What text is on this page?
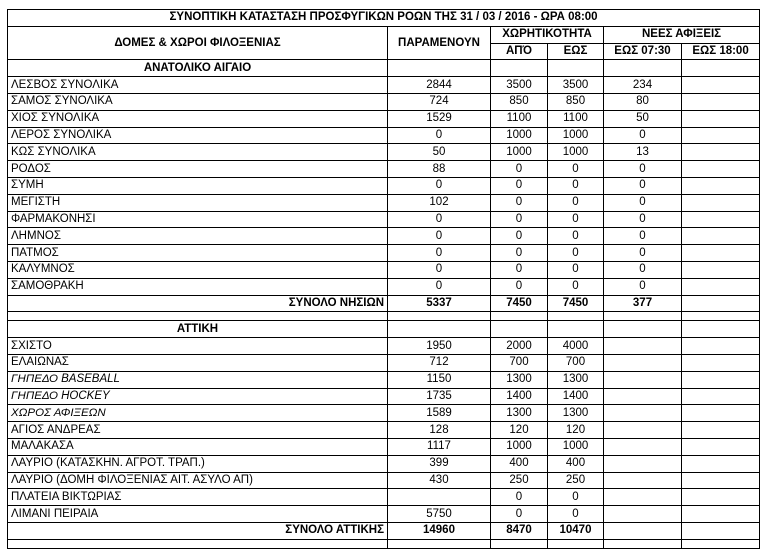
ΣΥΝΟΠΤΙΚΗ ΚΑΤΑΣΤΑΣΗ ΠΡΟΣΦΥΓΙΚΩΝ ΡΟΩΝ ΤΗΣ 31 / 03 / 2016 - ΩΡΑ 08:00					
ΔΟΜΕΣ & ΧΩΡΟΙ ΦΙΛΟΞΕΝΙΑΣ	ΠΑΡΑΜΕΝΟΥΝ	ΧΩΡΗΤΙΚΟΤΗΤΑ		ΝΕΕΣ ΑΦΙΞΕΙΣ	
		ΑΠΌ	ΕΩΣ	ΕΩΣ 07:30	ΕΩΣ 18:00
ΑΝΑΤΟΛΙΚΟ ΑΙΓΑΙΟ					
ΛΕΣΒΟΣ ΣΥΝΟΛΙΚΑ	2844	3500	3500	234	
ΣΑΜΟΣ ΣΥΝΟΛΙΚΑ	724	850	850	80	
ΧΙΟΣ ΣΥΝΟΛΙΚΑ	1529	1100	1100	50	
ΛΕΡΟΣ ΣΥΝΟΛΙΚΑ	0	1000	1000	0	
ΚΩΣ ΣΥΝΟΛΙΚΑ	50	1000	1000	13	
ΡΟΔΟΣ	88	0	0	0	
ΣΥΜΗ	0	0	0	0	
ΜΕΓΙΣΤΗ	102	0	0	0	
ΦΑΡΜΑΚΟΝΗΣΙ	0	0	0	0	
ΛΗΜΝΟΣ	0	0	0	0	
ΠΑΤΜΟΣ	0	0	0	0	
ΚΑΛΥΜΝΟΣ	0	0	0	0	
ΣΑΜΟΘΡΑΚΗ	0	0	0	0	
ΣΥΝΟΛΟ ΝΗΣΙΩΝ	5337	7450	7450	377	

ΑΤΤΙΚΗ					
ΣΧΙΣΤΟ	1950	2000	4000		
ΕΛΑΙΩΝΑΣ	712	700	700		
ΓΗΠΕΔΟ BASEBALL	1150	1300	1300		
ΓΗΠΕΔΟ HOCKEY	1735	1400	1400		
ΧΩΡΟΣ ΑΦΙΞΕΩΝ	1589	1300	1300		
ΑΓΙΟΣ ΑΝΔΡΕΑΣ	128	120	120		
ΜΑΛΑΚΑΣΑ	1117	1000	1000		
ΛΑΥΡΙΟ (ΚΑΤΑΣΚΗΝ. ΑΓΡΟΤ. ΤΡΑΠ.)	399	400	400		
ΛΑΥΡΙΟ (ΔΟΜΗ ΦΙΛΟΞΕΝΙΑΣ ΑΙΤ. ΑΣΥΛΟ ΑΠ)	430	250	250		
ΠΛΑΤΕΙΑ ΒΙΚΤΩΡΙΑΣ		0	0		
ΛΙΜΑΝΙ ΠΕΙΡΑΙΑ	5750	0	0		
ΣΥΝΟΛΟ ΑΤΤΙΚΗΣ	14960	8470	10470		
